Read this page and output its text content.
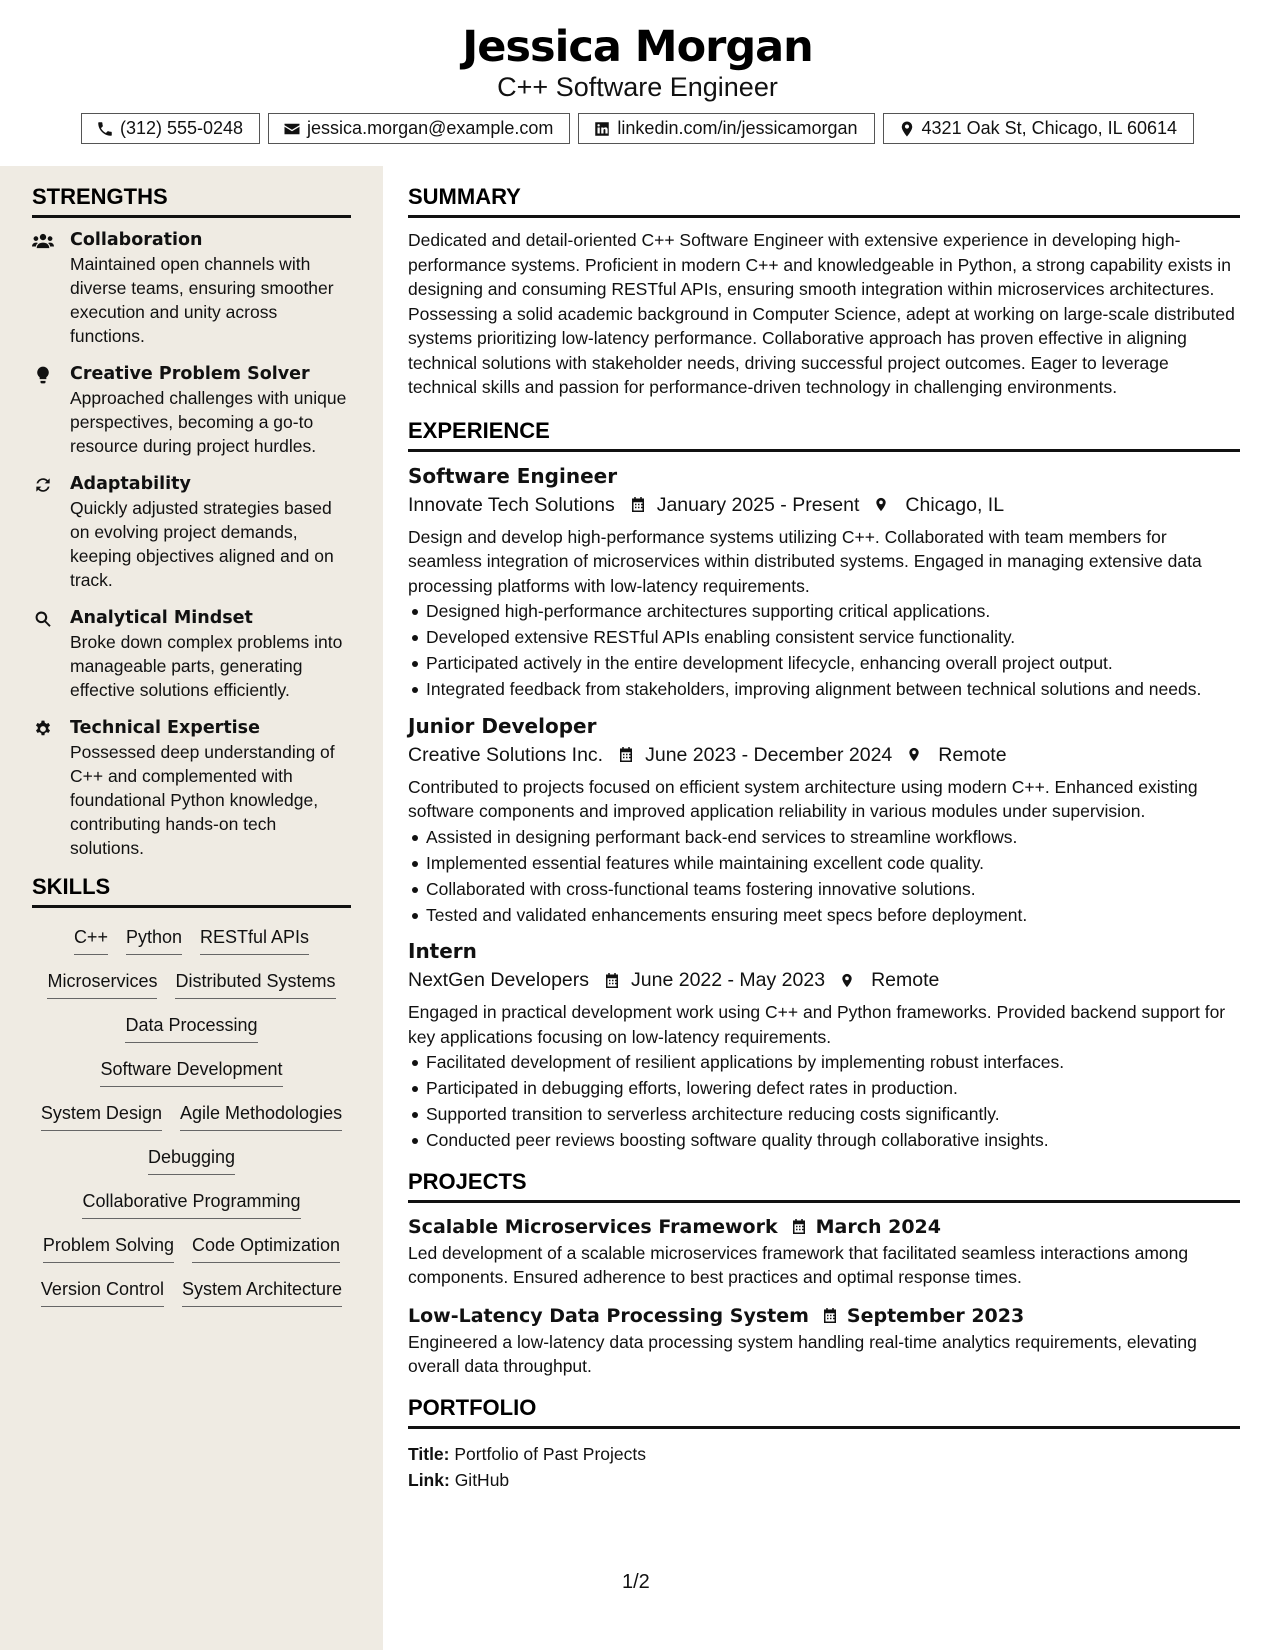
Jessica Morgan
C++ Software Engineer
(312) 555-0248	jessica.morgan@example.com	linkedin.com/in/jessicamorgan	4321 Oak St, Chicago, IL 60614
STRENGTHS
Collaboration
Maintained open channels with diverse teams, ensuring smoother execution and unity across functions.
Creative Problem Solver
Approached challenges with unique perspectives, becoming a go-to resource during project hurdles.
Adaptability
Quickly adjusted strategies based on evolving project demands, keeping objectives aligned and on track.
Analytical Mindset
Broke down complex problems into manageable parts, generating effective solutions efficiently.
Technical Expertise
Possessed deep understanding of C++ and complemented with foundational Python knowledge, contributing hands-on tech solutions.
SKILLS
C++ Python RESTful APIs
Microservices Distributed Systems
Data Processing
Software Development
System Design Agile Methodologies
Debugging
Collaborative Programming
Problem Solving Code Optimization
Version Control System Architecture
SUMMARY
Dedicated and detail-oriented C++ Software Engineer with extensive experience in developing high-performance systems. Proficient in modern C++ and knowledgeable in Python, a strong capability exists in designing and consuming RESTful APIs, ensuring smooth integration within microservices architectures. Possessing a solid academic background in Computer Science, adept at working on large-scale distributed systems prioritizing low-latency performance. Collaborative approach has proven effective in aligning technical solutions with stakeholder needs, driving successful project outcomes. Eager to leverage technical skills and passion for performance-driven technology in challenging environments.
EXPERIENCE
Software Engineer
Innovate Tech Solutions January 2025 - Present Chicago, IL
Design and develop high-performance systems utilizing C++. Collaborated with team members for seamless integration of microservices within distributed systems. Engaged in managing extensive data processing platforms with low-latency requirements.
Designed high-performance architectures supporting critical applications.
Developed extensive RESTful APIs enabling consistent service functionality.
Participated actively in the entire development lifecycle, enhancing overall project output.
Integrated feedback from stakeholders, improving alignment between technical solutions and needs.
Junior Developer
Creative Solutions Inc. June 2023 - December 2024 Remote
Contributed to projects focused on efficient system architecture using modern C++. Enhanced existing software components and improved application reliability in various modules under supervision.
Assisted in designing performant back-end services to streamline workflows.
Implemented essential features while maintaining excellent code quality.
Collaborated with cross-functional teams fostering innovative solutions.
Tested and validated enhancements ensuring meet specs before deployment.
Intern
NextGen Developers June 2022 - May 2023 Remote
Engaged in practical development work using C++ and Python frameworks. Provided backend support for key applications focusing on low-latency requirements.
Facilitated development of resilient applications by implementing robust interfaces.
Participated in debugging efforts, lowering defect rates in production.
Supported transition to serverless architecture reducing costs significantly.
Conducted peer reviews boosting software quality through collaborative insights.
PROJECTS
Scalable Microservices Framework March 2024
Led development of a scalable microservices framework that facilitated seamless interactions among components. Ensured adherence to best practices and optimal response times.
Low-Latency Data Processing System September 2023
Engineered a low-latency data processing system handling real-time analytics requirements, elevating overall data throughput.
PORTFOLIO
Title: Portfolio of Past Projects
Link: GitHub
1/2
